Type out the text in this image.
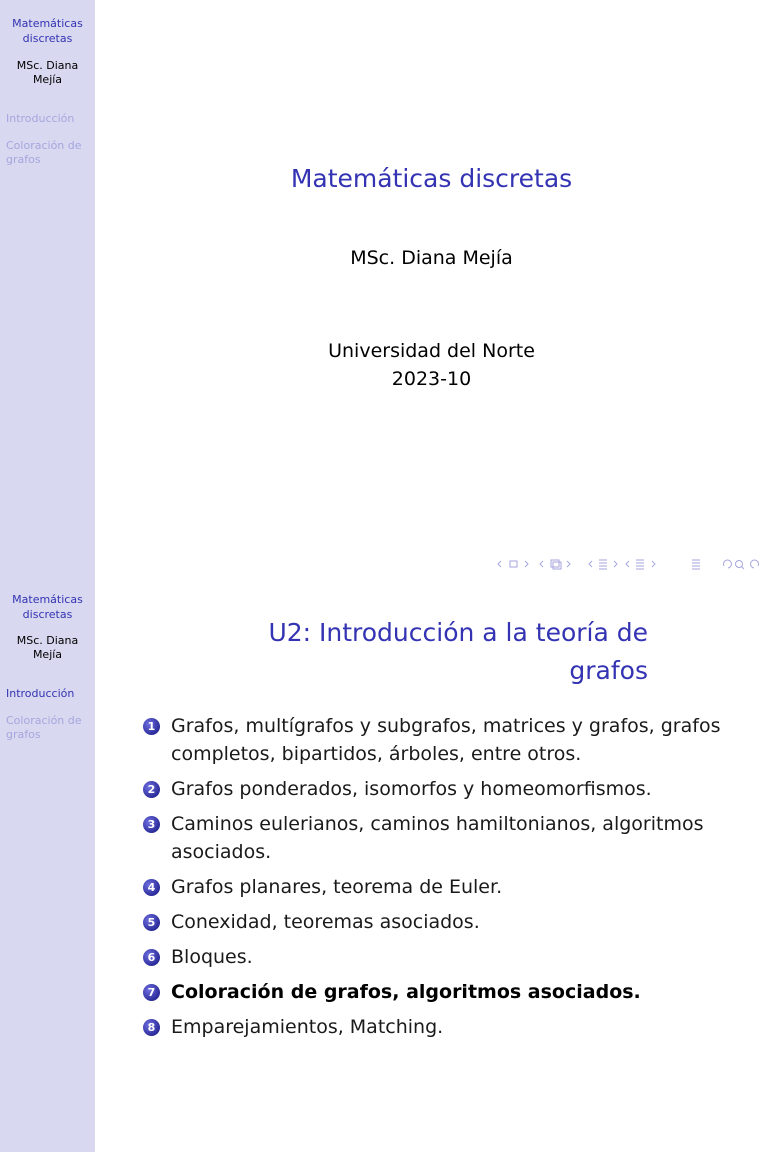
Matemáticas
discretas
MSc. Diana
Mejía
Introducción
Coloración de grafos
Matemáticas discretas
MSc. Diana Mejía
Universidad del Norte
2023-10
Matemáticas
discretas
MSc. Diana
Mejía
Introducción
Coloración de grafos
U2: Introducción a la teoría de
grafos
1 Grafos, multígrafos y subgrafos, matrices y grafos, grafos
completos, bipartidos, árboles, entre otros.
2 Grafos ponderados, isomorfos y homeomorfismos.
3 Caminos eulerianos, caminos hamiltonianos, algoritmos
asociados.
4 Grafos planares, teorema de Euler.
5 Conexidad, teoremas asociados.
6 Bloques.
7 Coloración de grafos, algoritmos asociados.
8 Emparejamientos, Matching.
